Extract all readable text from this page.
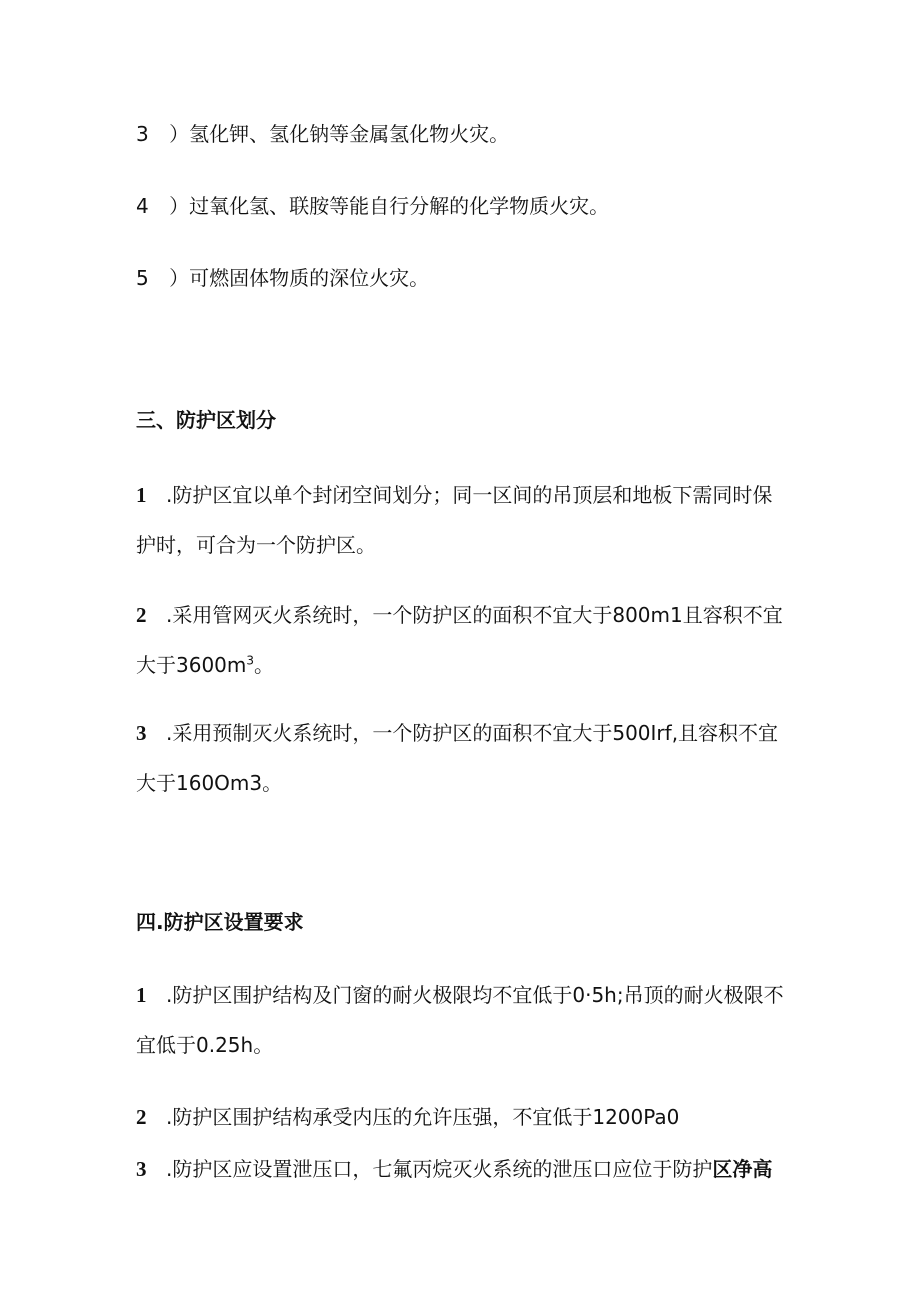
3 ）氢化钾、氢化钠等金属氢化物火灾。
4 ）过氧化氢、联胺等能自行分解的化学物质火灾。
5 ）可燃固体物质的深位火灾。
三、防护区划分
1 .防护区宜以单个封闭空间划分；同一区间的吊顶层和地板下需同时保护时，可合为一个防护区。
2 .采用管网灭火系统时，一个防护区的面积不宜大于800m1且容积不宜大于$3600m^3$。
3 .采用预制灭火系统时，一个防护区的面积不宜大于500Irf,且容积不宜大于160Om3。
四.防护区设置要求
1 .防护区围护结构及门窗的耐火极限均不宜低于0·5h;吊顶的耐火极限不宜低于0.25h。
2 .防护区围护结构承受内压的允许压强，不宜低于1200Pa0
3 .防护区应设置泄压口，七氟丙烷灭火系统的泄压口应位于防护区净高
